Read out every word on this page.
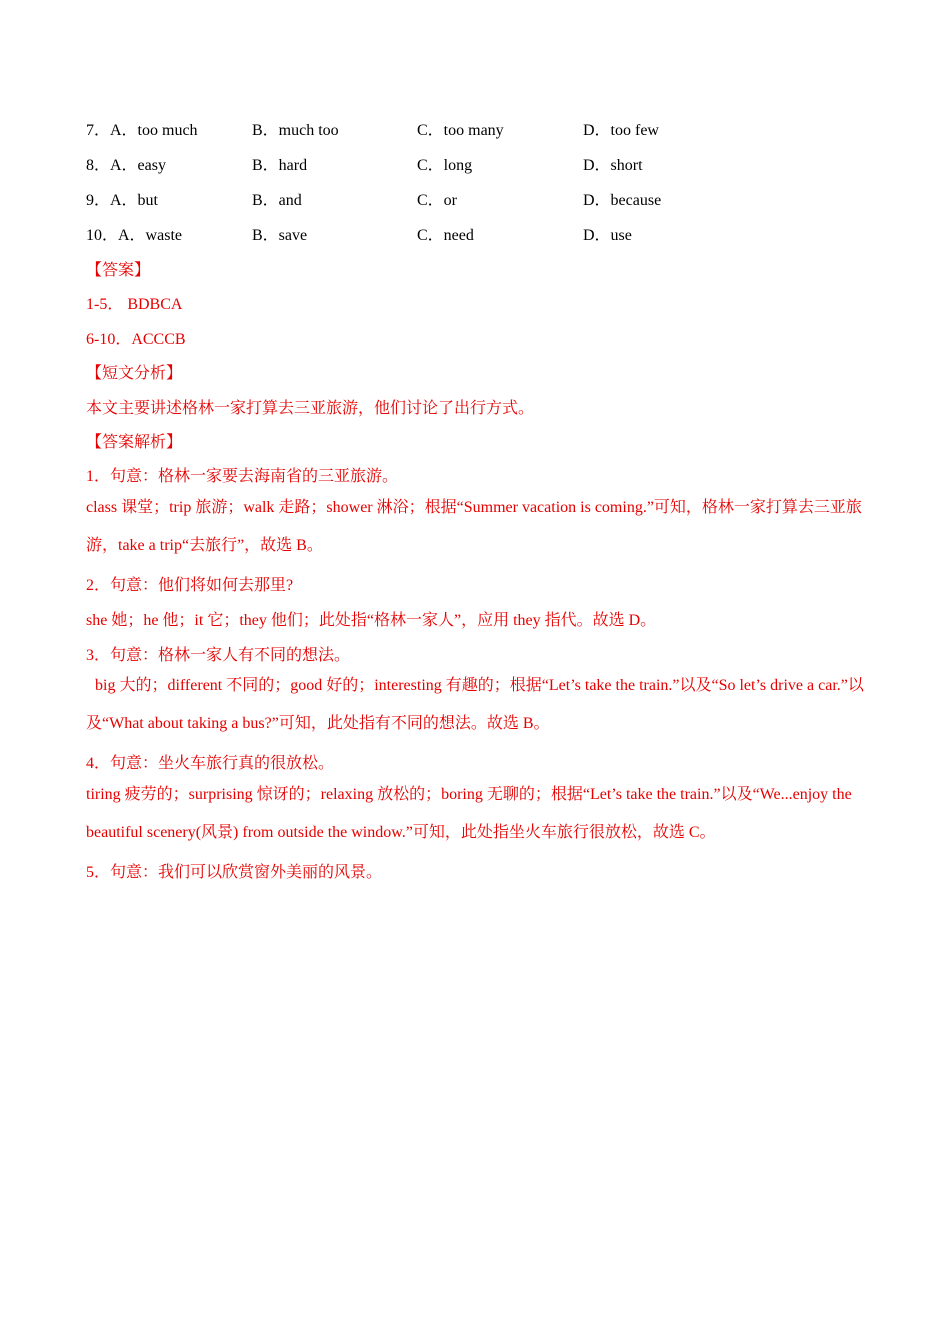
7．A．too much	B．much too	C．too many	D．too few
8．A．easy	B．hard	C．long	D．short
9．A．but	B．and	C．or	D．because
10．A．waste	B．save	C．need	D．use
【答案】
1-5． BDBCA
6-10．ACCCB
【短文分析】
本文主要讲述格林一家打算去三亚旅游，他们讨论了出行方式。
【答案解析】
1．句意：格林一家要去海南省的三亚旅游。
class 课堂；trip 旅游；walk 走路；shower 淋浴；根据“Summer vacation is coming.”可知，格林一家打算去三亚旅游，take a trip“去旅行”，故选 B。
2．句意：他们将如何去那里?
she 她；he 他；it 它；they 他们；此处指“格林一家人”，应用 they 指代。故选 D。
3．句意：格林一家人有不同的想法。
big 大的；different 不同的；good 好的；interesting 有趣的；根据“Let’s take the train.”以及“So let’s drive a car.”以及“What about taking a bus?”可知，此处指有不同的想法。故选 B。
4．句意：坐火车旅行真的很放松。
tiring 疲劳的；surprising 惊讶的；relaxing 放松的；boring 无聊的；根据“Let’s take the train.”以及“We...enjoy the beautiful scenery(风景) from outside the window.”可知，此处指坐火车旅行很放松，故选 C。
5．句意：我们可以欣赏窗外美丽的风景。
